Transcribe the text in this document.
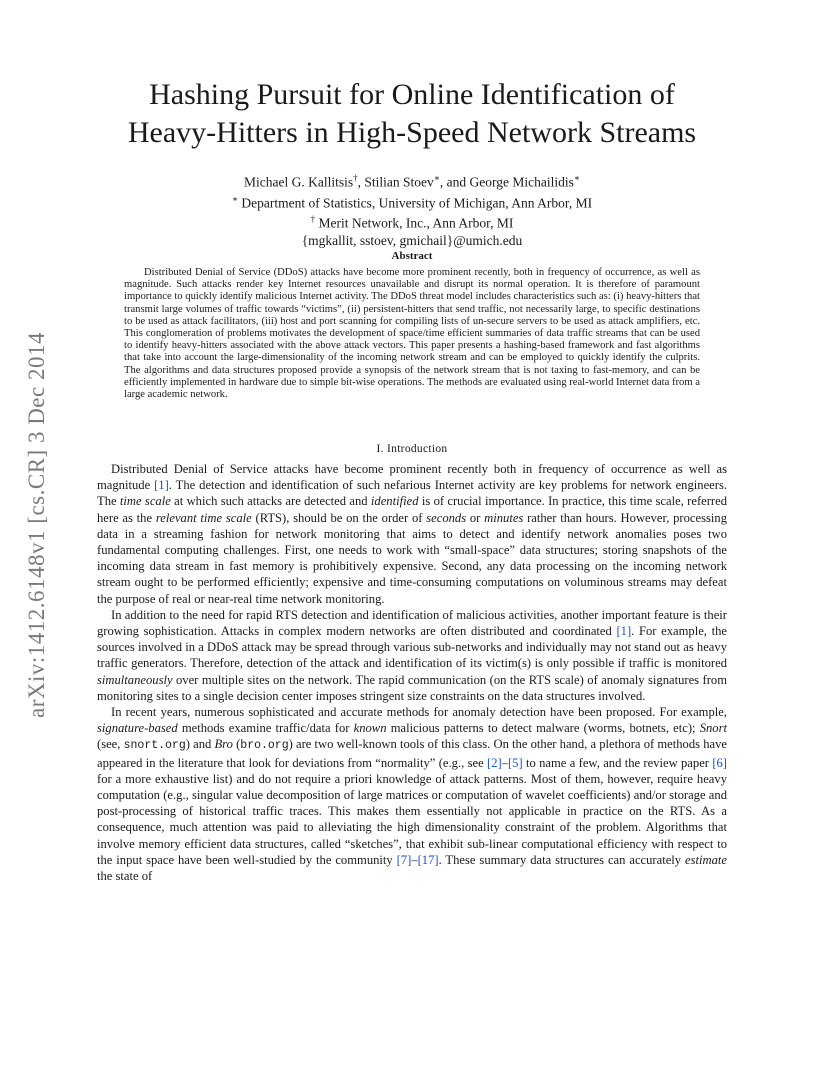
arXiv:1412.6148v1 [cs.CR] 3 Dec 2014
Hashing Pursuit for Online Identification of
Heavy-Hitters in High-Speed Network Streams
Michael G. Kallitsis†, Stilian Stoev∗, and George Michailidis∗
∗ Department of Statistics, University of Michigan, Ann Arbor, MI
† Merit Network, Inc., Ann Arbor, MI
{mgkallit, sstoev, gmichail}@umich.edu
Abstract

Distributed Denial of Service (DDoS) attacks have become more prominent recently, both in frequency of occurrence, as well as magnitude. Such attacks render key Internet resources unavailable and disrupt its normal operation. It is therefore of paramount importance to quickly identify malicious Internet activity. The DDoS threat model includes characteristics such as: (i) heavy-hitters that transmit large volumes of traffic towards “victims”, (ii) persistent-hitters that send traffic, not necessarily large, to specific destinations to be used as attack facilitators, (iii) host and port scanning for compiling lists of un-secure servers to be used as attack amplifiers, etc. This conglomeration of problems motivates the development of space/time efficient summaries of data traffic streams that can be used to identify heavy-hitters associated with the above attack vectors. This paper presents a hashing-based framework and fast algorithms that take into account the large-dimensionality of the incoming network stream and can be employed to quickly identify the culprits. The algorithms and data structures proposed provide a synopsis of the network stream that is not taxing to fast-memory, and can be efficiently implemented in hardware due to simple bit-wise operations. The methods are evaluated using real-world Internet data from a large academic network.

I. Introduction

Distributed Denial of Service attacks have become prominent recently both in frequency of occurrence as well as magnitude [1]. The detection and identification of such nefarious Internet activity are key problems for network engineers. The time scale at which such attacks are detected and identified is of crucial importance. In practice, this time scale, referred here as the relevant time scale (RTS), should be on the order of seconds or minutes rather than hours. However, processing data in a streaming fashion for network monitoring that aims to detect and identify network anomalies poses two fundamental computing challenges. First, one needs to work with “small-space” data structures; storing snapshots of the incoming data stream in fast memory is prohibitively expensive. Second, any data processing on the incoming network stream ought to be performed efficiently; expensive and time-consuming computations on voluminous streams may defeat the purpose of real or near-real time network monitoring.

In addition to the need for rapid RTS detection and identification of malicious activities, another important feature is their growing sophistication. Attacks in complex modern networks are often distributed and coordinated [1]. For example, the sources involved in a DDoS attack may be spread through various sub-networks and individually may not stand out as heavy traffic generators. Therefore, detection of the attack and identification of its victim(s) is only possible if traffic is monitored simultaneously over multiple sites on the network. The rapid communication (on the RTS scale) of anomaly signatures from monitoring sites to a single decision center imposes stringent size constraints on the data structures involved.

In recent years, numerous sophisticated and accurate methods for anomaly detection have been proposed. For example, signature-based methods examine traffic/data for known malicious patterns to detect malware (worms, botnets, etc); Snort (see, snort.org) and Bro (bro.org) are two well-known tools of this class. On the other hand, a plethora of methods have appeared in the literature that look for deviations from “normality” (e.g., see [2]–[5] to name a few, and the review paper [6] for a more exhaustive list) and do not require a priori knowledge of attack patterns. Most of them, however, require heavy computation (e.g., singular value decomposition of large matrices or computation of wavelet coefficients) and/or storage and post-processing of historical traffic traces. This makes them essentially not applicable in practice on the RTS. As a consequence, much attention was paid to alleviating the high dimensionality constraint of the problem. Algorithms that involve memory efficient data structures, called “sketches”, that exhibit sub-linear computational efficiency with respect to the input space have been well-studied by the community [7]–[17]. These summary data structures can accurately estimate the state of
